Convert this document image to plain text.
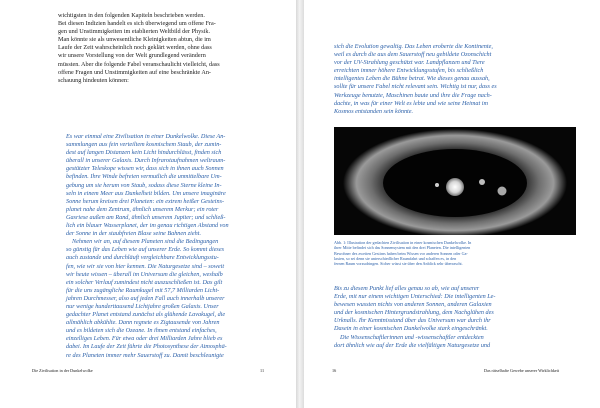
wichtigsten in den folgenden Kapiteln beschrieben werden.
Bei diesen Indizien handelt es sich überwiegend um offene Fra-
gen und Unstimmigkeiten im etablierten Weltbild der Physik.
Man könnte sie als unwesentliche Kleinigkeiten abtun, die im
Laufe der Zeit wahrscheinlich noch geklärt werden, ohne dass
wir unsere Vorstellung von der Welt grundlegend verändern
müssten. Aber die folgende Fabel veranschaulicht vielleicht, dass
offene Fragen und Unstimmigkeiten auf eine beschränkte An-
schauung hindeuten können:
Es war einmal eine Zivilisation in einer Dunkelwolke. Diese An-
sammlungen aus fein verteiltem kosmischem Staub, der zumin-
dest auf langen Distanzen kein Licht hindurchlässt, finden sich
überall in unserer Galaxis. Durch Infrarotaufnahmen weltraum-
gestützter Teleskope wissen wir, dass sich in ihnen auch Sonnen
befinden. Ihre Winde befreien vermutlich die unmittelbare Um-
gebung um sie herum von Staub, sodass diese Sterne kleine In-
seln in einem Meer aus Dunkelheit bilden. Um unsere imaginäre
Sonne herum kreisen drei Planeten: ein extrem heißer Gesteins-
planet nahe dem Zentrum, ähnlich unserem Merkur; ein roter
Gasriese außen am Rand, ähnlich unserem Jupiter; und schließ-
lich ein blauer Wasserplanet, der im genau richtigen Abstand von
der Sonne in der staubfreien Blase seine Bahnen zieht.
Nehmen wir an, auf diesem Planeten sind die Bedingungen
so günstig für das Leben wie auf unserer Erde. So kommt dieses
auch zustande und durchläuft vergleichbare Entwicklungsstu-
fen, wie wir sie von hier kennen. Die Naturgesetze sind – soweit
wir heute wissen – überall im Universum die gleichen, weshalb
ein solcher Verlauf zumindest nicht auszuschließen ist. Das gilt
für die uns zugängliche Raumkugel mit 57,7 Milliarden Licht-
jahren Durchmesser, also auf jeden Fall auch innerhalb unserer
nur wenige hunderttausend Lichtjahre großen Galaxis. Unser
gedachter Planet entstand zunächst als glühende Lavakugel, die
allmählich abkühlte. Dann regnete es Zigtausende von Jahren
und es bildeten sich die Ozeane. In ihnen entstand einfaches,
einzelliges Leben. Für etwa oder drei Milliarden Jahre blieb es
dabei. Im Laufe der Zeit führte die Photosynthese der Atmosphä-
re des Planeten immer mehr Sauerstoff zu. Damit beschleunigte
Die Zivilisation in der Dunkelwolke	11
sich die Evolution gewaltig. Das Leben eroberte die Kontinente,
weil es durch die aus dem Sauerstoff neu gebildete Ozonschicht
vor der UV-Strahlung geschützt war. Landpflanzen und Tiere
erreichten immer höhere Entwicklungsstufen, bis schließlich
intelligentes Leben die Bühne betrat. Wie dieses genau aussah,
sollte für unsere Fabel nicht relevant sein. Wichtig ist nur, dass es
Werkzeuge benutzte, Maschinen baute und ihre die Frage nach-
dachte, in was für einer Welt es lebte und wie seine Heimat im
Kosmos entstanden sein könnte.
Abb. 1: Illustration der gedachten Zivilisation in einer kosmischen Dunkelwolke. In
ihrer Mitte befindet sich das Sonnensystem mit den drei Planeten. Die intelligenten
Bewohner des zweiten Gestirns haben beim Wissen vor anderen Sonnen oder Ga-
laxien, so sei denn sie unterschiedlicher Raumfahrt und schaffen es, in den
fernen Raum vorzudringen. Sicher wüsst sie über den Anblick sehr überrascht.
Bis zu diesem Punkt lief alles genau so ab, wie auf unserer
Erde, mit nur einem wichtigen Unterschied: Die intelligenten Le-
bewesen wussten nichts von anderen Sonnen, anderen Galaxien
und der kosmischen Hintergrundstrahlung, dem Nachglühen des
Urknalls. Ihr Kenntnisstand über das Universum war durch ihr
Dasein in einer kosmischen Dunkelwolke stark eingeschränkt.
Die Wissenschaftlerinnen und -wissenschaftler entdeckten
dort ähnlich wie auf der Erde die vielfältigen Naturgesetze und
16	Das rätselhafte Gewebe unserer Wirklichkeit
